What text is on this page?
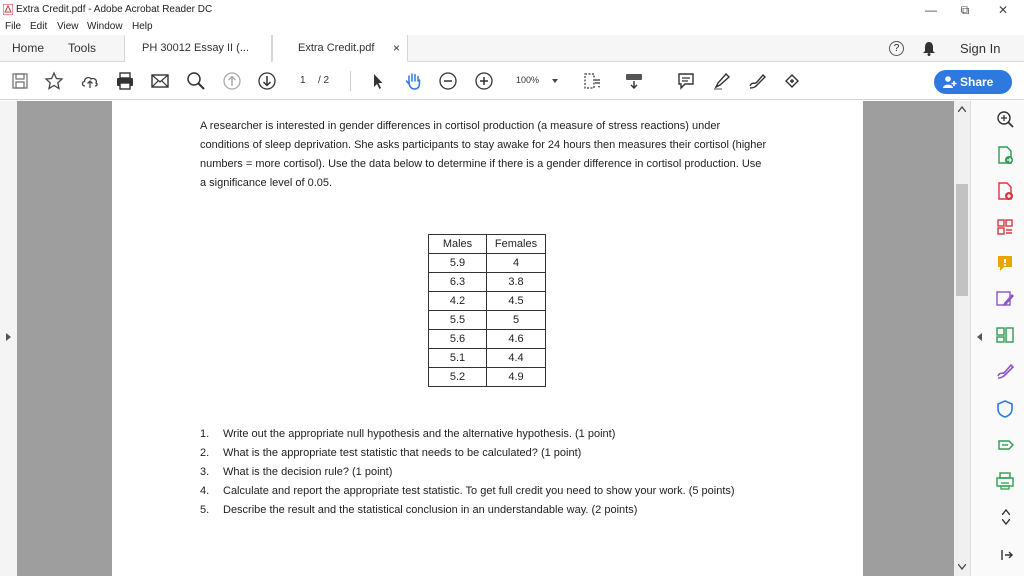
Extra Credit.pdf - Adobe Acrobat Reader DC	—	⧉	✕
File Edit View Window Help
Home Tools	PH 30012 Essay II (...	Extra Credit.pdf ×	?	Sign In
1 / 2	100%	Share

A researcher is interested in gender differences in cortisol production (a measure of stress reactions) under conditions of sleep deprivation. She asks participants to stay awake for 24 hours then measures their cortisol (higher numbers = more cortisol). Use the data below to determine if there is a gender difference in cortisol production. Use a significance level of 0.05.

Males	Females
5.9	4
6.3	3.8
4.2	4.5
5.5	5
5.6	4.6
5.1	4.4
5.2	4.9
1. Write out the appropriate null hypothesis and the alternative hypothesis. (1 point)
2. What is the appropriate test statistic that needs to be calculated? (1 point)
3. What is the decision rule? (1 point)
4. Calculate and report the appropriate test statistic. To get full credit you need to show your work. (5 points)
5. Describe the result and the statistical conclusion in an understandable way. (2 points)
